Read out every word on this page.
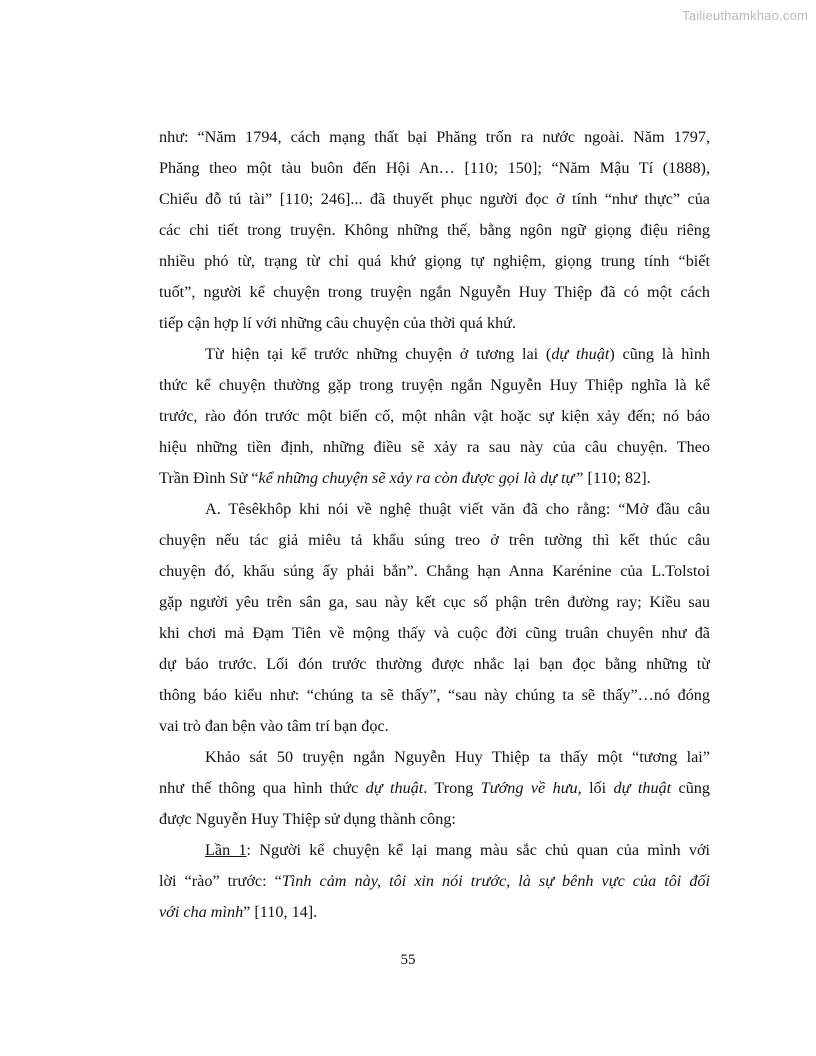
Tailieuthamkhao.com
như: “Năm 1794, cách mạng thất bại Phăng trốn ra nước ngoài. Năm 1797,
Phăng theo một tàu buôn đến Hội An… [110; 150]; “Năm Mậu Tí (1888),
Chiểu đỗ tú tài” [110; 246]... đã thuyết phục người đọc ở tính “như thực” của
các chi tiết trong truyện. Không những thế, bằng ngôn ngữ giọng điệu riêng
nhiều phó từ, trạng từ chỉ quá khứ giọng tự nghiệm, giọng trung tính “biết
tuốt”, người kể chuyện trong truyện ngắn Nguyễn Huy Thiệp đã có một cách
tiếp cận hợp lí với những câu chuyện của thời quá khứ.
Từ hiện tại kể trước những chuyện ở tương lai (dự thuật) cũng là hình
thức kể chuyện thường gặp trong truyện ngắn Nguyễn Huy Thiệp nghĩa là kể
trước, rào đón trước một biến cố, một nhân vật hoặc sự kiện xảy đến; nó báo
hiệu những tiền định, những điều sẽ xảy ra sau này của câu chuyện. Theo
Trần Đình Sử “kể những chuyện sẽ xảy ra còn được gọi là dự tự” [110; 82].
A. Têsêkhôp khi nói về nghệ thuật viết văn đã cho rằng: “Mở đầu câu
chuyện nếu tác giả miêu tả khẩu súng treo ở trên tường thì kết thúc câu
chuyện đó, khẩu súng ấy phải bắn”. Chẳng hạn Anna Karénine của L.Tolstoi
gặp người yêu trên sân ga, sau này kết cục số phận trên đường ray; Kiều sau
khi chơi mả Đạm Tiên về mộng thấy và cuộc đời cũng truân chuyên như đã
dự báo trước. Lối đón trước thường được nhắc lại bạn đọc bằng những từ
thông báo kiểu như: “chúng ta sẽ thấy”, “sau này chúng ta sẽ thấy”…nó đóng
vai trò đan bện vào tâm trí bạn đọc.
Khảo sát 50 truyện ngắn Nguyễn Huy Thiệp ta thấy một “tương lai”
như thế thông qua hình thức dự thuật. Trong Tướng về hưu, lối dự thuật cũng
được Nguyễn Huy Thiệp sử dụng thành công:
Lần 1: Người kể chuyện kể lại mang màu sắc chủ quan của mình với
lời “rào” trước: “Tình cảm này, tôi xin nói trước, là sự bênh vực của tôi đối
với cha mình” [110, 14].
55
